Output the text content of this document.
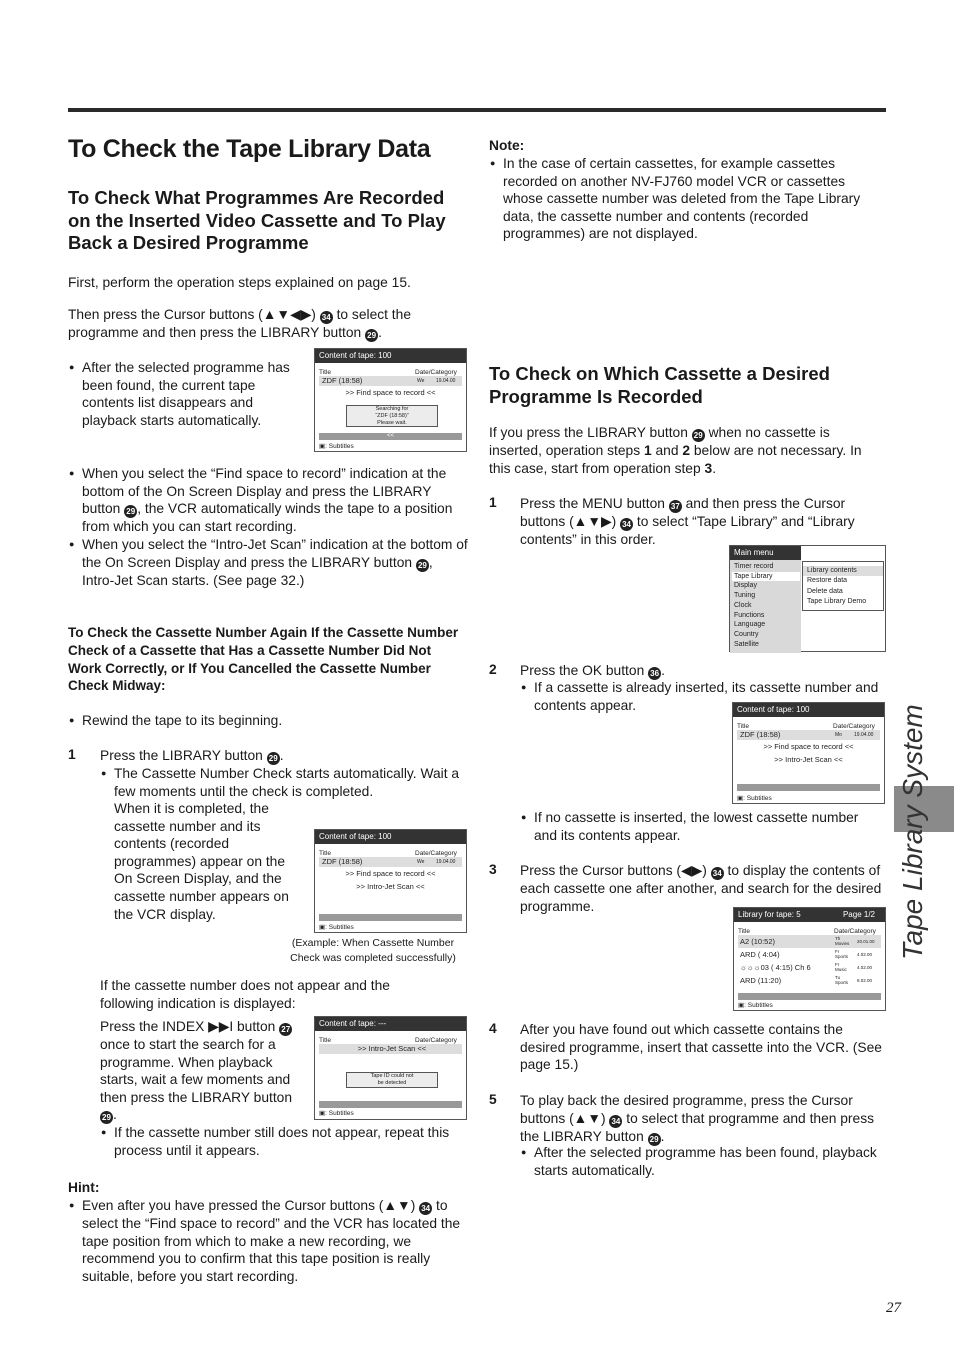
To Check the Tape Library Data
To Check What Programmes Are Recorded on the Inserted Video Cassette and To Play Back a Desired Programme
First, perform the operation steps explained on page 15.
Then press the Cursor buttons (▲▼◀▶) 34 to select the programme and then press the LIBRARY button 29 .
● After the selected programme has been found, the current tape contents list disappears and playback starts automatically.
Content of tape: 100
Title	Date/Category
ZDF (18:58)	We 19.04.00
>> Find space to record <<
Searching for
“ZDF (18:58)”
Please wait.
<<
▣: Subtitles
● When you select the “Find space to record” indication at the bottom of the On Screen Display and press the LIBRARY button 29 , the VCR automatically winds the tape to a position from which you can start recording.
● When you select the “Intro-Jet Scan” indication at the bottom of the On Screen Display and press the LIBRARY button 29 , Intro-Jet Scan starts. (See page 32.)
To Check the Cassette Number Again If the Cassette Number Check of a Cassette that Has a Cassette Number Did Not Work Correctly, or If You Cancelled the Cassette Number Check Midway:
● Rewind the tape to its beginning.
1 Press the LIBRARY button 29 .
● The Cassette Number Check starts automatically. Wait a few moments until the check is completed.
When it is completed, the cassette number and its contents (recorded programmes) appear on the On Screen Display, and the cassette number appears on the VCR display.
Content of tape: 100
Title	Date/Category
ZDF (18:58)	We 19.04.00
>> Find space to record <<
>> Intro-Jet Scan <<
▣: Subtitles
(Example: When Cassette Number Check was completed successfully)
If the cassette number does not appear and the following indication is displayed:
Press the INDEX ▶▶I button 27 once to start the search for a programme. When playback starts, wait a few moments and then press the LIBRARY button 29 .
Content of tape: ---
Title	Date/Category
>> Intro-Jet Scan <<
Tape ID could not
be detected
▣: Subtitles
● If the cassette number still does not appear, repeat this process until it appears.
Hint:
● Even after you have pressed the Cursor buttons (▲▼) 34 to select the “Find space to record” and the VCR has located the tape position from which to make a new recording, we recommend you to confirm that this tape position is really suitable, before you start recording.
Note:
● In the case of certain cassettes, for example cassettes recorded on another NV-FJ760 model VCR or cassettes whose cassette number was deleted from the Tape Library data, the cassette number and contents (recorded programmes) are not displayed.
To Check on Which Cassette a Desired Programme Is Recorded
If you press the LIBRARY button 29 when no cassette is inserted, operation steps 1 and 2 below are not necessary. In this case, start from operation step 3.
1 Press the MENU button 37 and then press the Cursor buttons (▲▼▶) 34 to select “Tape Library” and “Library contents” in this order.
Main menu
Timer record
Tape Library
Display
Tuning
Clock
Functions
Language
Country
Satellite
Library contents
Restore data
Delete data
Tape Library Demo
2 Press the OK button 36 .
● If a cassette is already inserted, its cassette number and contents appear.	Content of tape: 100
Title	Date/Category
ZDF (18:58)	Mo 19.04.00
>> Find space to record <<
>> Intro-Jet Scan <<
▣: Subtitles
● If no cassette is inserted, the lowest cassette number and its contents appear.
3 Press the Cursor buttons (◀▶) 34 to display the contents of each cassette one after another, and search for the desired programme.
Library for tape: 5	Page 1/2
Title	Date/Category
A2 (10:52)	Th
Movies 20.01.00
ARD ( 4:04)	Fr
Sports 4.02.00
☼☼☼03 ( 4:15) Ch 6	Fr
Music 4.02.00
ARD (11:20)	Tu
Sports 8.02.00
▣: Subtitles
4 After you have found out which cassette contains the desired programme, insert that cassette into the VCR. (See page 15.)
5 To play back the desired programme, press the Cursor buttons (▲▼) 34 to select that programme and then press the LIBRARY button 29 .
● After the selected programme has been found, playback starts automatically.
Tape Library System
27
